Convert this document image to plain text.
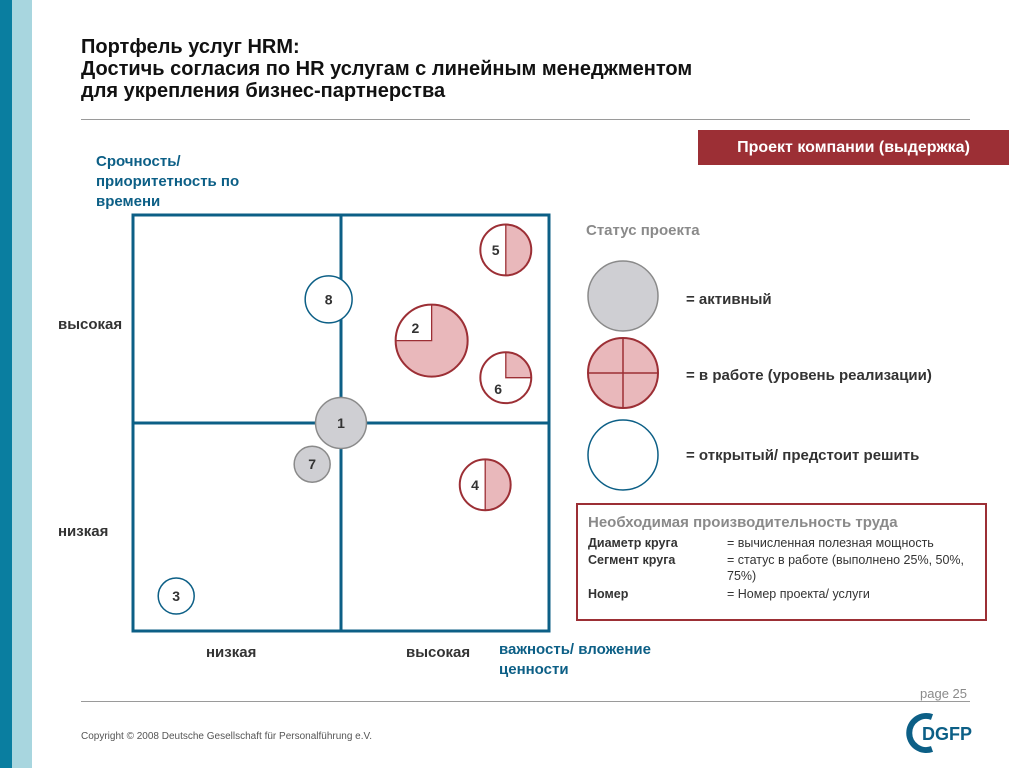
Портфель услуг HRM:
Достичь согласия по HR услугам с линейным менеджментом
для укрепления бизнес-партнерства
Проект компании (выдержка)
Срочность/ приоритетность по времени
высокая
низкая
низкая	высокая важность/ вложение ценности
3
8
1
7
4
5
2
6
Статус проекта
= активный
= в работе (уровень реализации)
= открытый/ предстоит решить
Необходимая производительность труда
Диаметр круга	= вычисленная полезная мощность
Сегмент круга	= статус в работе (выполнено 25%, 50%, 75%)
Номер	= Номер проекта/ услуги
page 25
Copyright © 2008 Deutsche Gesellschaft für Personalführung e.V.	DGFP
